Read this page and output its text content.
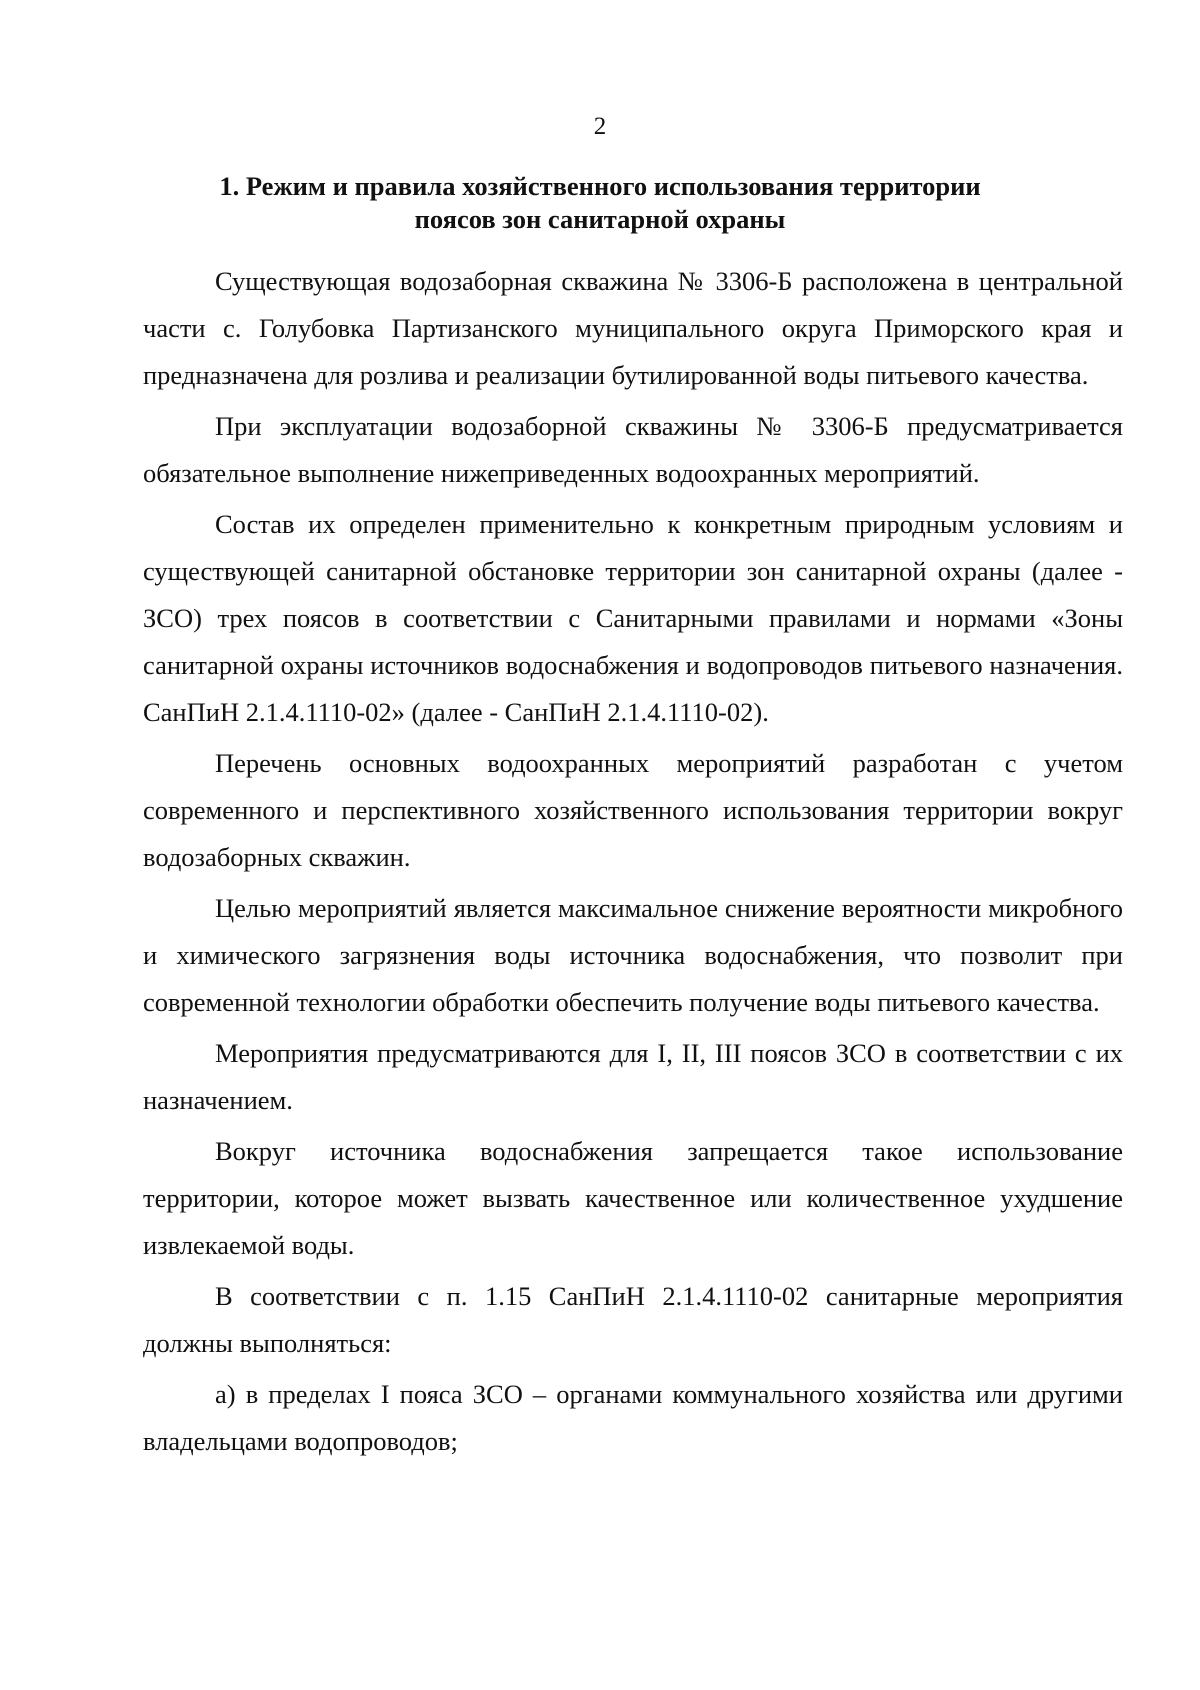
2
1. Режим и правила хозяйственного использования территории
поясов зон санитарной охраны

Существующая водозаборная скважина № 3306-Б расположена в центральной части с. Голубовка Партизанского муниципального округа Приморского края и предназначена для розлива и реализации бутилированной воды питьевого качества.

При эксплуатации водозаборной скважины № 3306-Б предусматривается обязательное выполнение нижеприведенных водоохранных мероприятий.

Состав их определен применительно к конкретным природным условиям и существующей санитарной обстановке территории зон санитарной охраны (далее - ЗСО) трех поясов в соответствии с Санитарными правилами и нормами «Зоны санитарной охраны источников водоснабжения и водопроводов питьевого назначения. СанПиН 2.1.4.1110-02» (далее - СанПиН 2.1.4.1110-02).

Перечень основных водоохранных мероприятий разработан с учетом современного и перспективного хозяйственного использования территории вокруг водозаборных скважин.

Целью мероприятий является максимальное снижение вероятности микробного и химического загрязнения воды источника водоснабжения, что позволит при современной технологии обработки обеспечить получение воды питьевого качества.

Мероприятия предусматриваются для I, II, III поясов ЗСО в соответствии с их назначением.

Вокруг источника водоснабжения запрещается такое использование территории, которое может вызвать качественное или количественное ухудшение извлекаемой воды.

В соответствии с п. 1.15 СанПиН 2.1.4.1110-02 санитарные мероприятия должны выполняться:

а) в пределах I пояса ЗСО – органами коммунального хозяйства или другими владельцами водопроводов;
